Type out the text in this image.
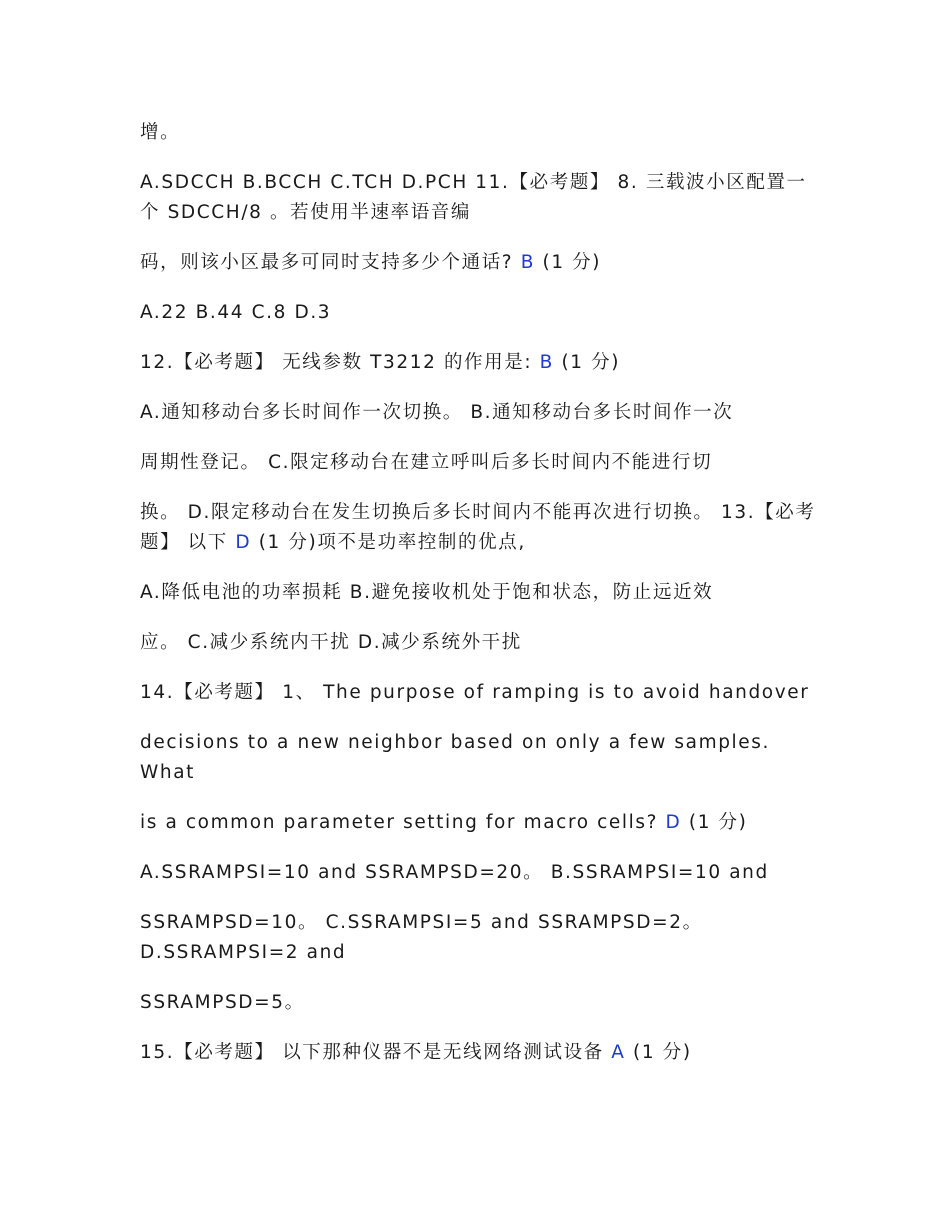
增。

A.SDCCH B.BCCH C.TCH D.PCH 11.【必考题】 8. 三载波小区配置一个 SDCCH/8 。若使用半速率语音编

码，则该小区最多可同时支持多少个通话? B (1 分)

A.22 B.44 C.8 D.3

12.【必考题】 无线参数 T3212 的作用是: B (1 分)

A.通知移动台多长时间作一次切换。 B.通知移动台多长时间作一次

周期性登记。 C.限定移动台在建立呼叫后多长时间内不能进行切

换。 D.限定移动台在发生切换后多长时间内不能再次进行切换。 13.【必考题】 以下 D (1 分)项不是功率控制的优点,

A.降低电池的功率损耗 B.避免接收机处于饱和状态，防止远近效

应。 C.减少系统内干扰 D.减少系统外干扰

14.【必考题】 1、 The purpose of ramping is to avoid handover

decisions to a new neighbor based on only a few samples. What

is a common parameter setting for macro cells? D (1 分)

A.SSRAMPSI=10 and SSRAMPSD=20。 B.SSRAMPSI=10 and

SSRAMPSD=10。 C.SSRAMPSI=5 and SSRAMPSD=2。 D.SSRAMPSI=2 and

SSRAMPSD=5。

15.【必考题】 以下那种仪器不是无线网络测试设备 A (1 分)
